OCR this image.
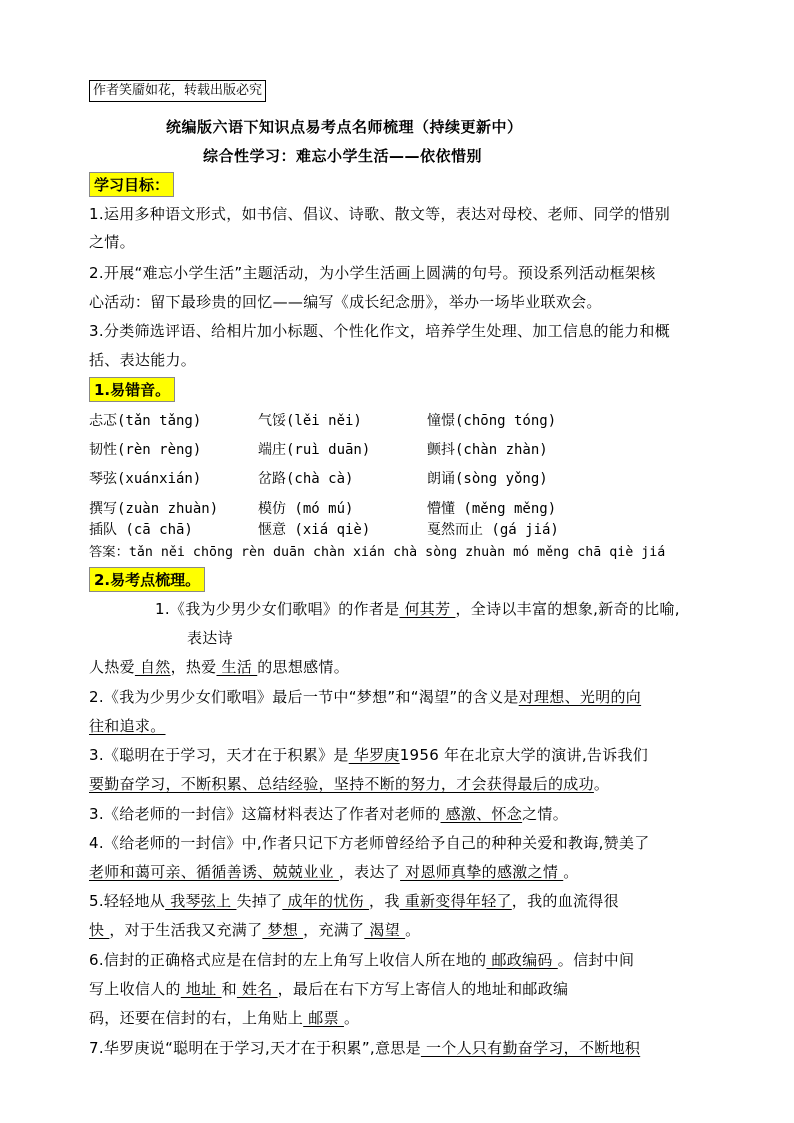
作者笑靥如花，转载出版必究
统编版六语下知识点易考点名师梳理（持续更新中）
综合性学习：难忘小学生活——依依惜别
学习目标：
1.运用多种语文形式，如书信、倡议、诗歌、散文等，表达对母校、老师、同学的惜别
之情。
2.开展“难忘小学生活”主题活动，为小学生活画上圆满的句号。预设系列活动框架核
心活动：留下最珍贵的回忆——编写《成长纪念册》，举办一场毕业联欢会。
3.分类筛选评语、给相片加小标题、个性化作文，培养学生处理、加工信息的能力和概
括、表达能力。
1.易错音。
忐忑(tǎn tǎng)	气馁(lěi něi)	憧憬(chōng tóng)
韧性(rèn rèng)	端庄(ruì duān)	颤抖(chàn zhàn)
琴弦(xuánxián)	岔路(chà cà)	朗诵(sòng yǒng)
撰写(zuàn zhuàn)	模仿 (mó mú)	懵懂 (měng měng)
插队 (cā chā)	惬意 (xiá qiè)	戛然而止 (gá jiá)
答案：tǎn něi chōng rèn duān chàn xián chà sòng zhuàn mó měng chā qiè jiá
2.易考点梳理。
1.《我为少男少女们歌唱》的作者是 何其芳 ，全诗以丰富的想象,新奇的比喻,
表达诗
人热爱 自然，热爱 生活 的思想感情。
2.《我为少男少女们歌唱》最后一节中“梦想”和“渴望”的含义是对理想、光明的向
往和追求。
3.《聪明在于学习，天才在于积累》是 华罗庚1956 年在北京大学的演讲,告诉我们
要勤奋学习，不断积累、总结经验，坚持不断的努力，才会获得最后的成功。
3.《给老师的一封信》这篇材料表达了作者对老师的 感激、怀念之情。
4.《给老师的一封信》中,作者只记下方老师曾经给予自己的种种关爱和教诲,赞美了
老师和蔼可亲、循循善诱、兢兢业业 ，表达了 对恩师真挚的感激之情 。
5.轻轻地从 我琴弦上 失掉了 成年的忧伤 ，我 重新变得年轻了，我的血流得很
快 ，对于生活我又充满了 梦想 ，充满了 渴望 。
6.信封的正确格式应是在信封的左上角写上收信人所在地的 邮政编码 。信封中间
写上收信人的 地址 和 姓名 ，最后在右下方写上寄信人的地址和邮政编
码，还要在信封的右，上角贴上 邮票 。
7.华罗庚说“聪明在于学习,天才在于积累”,意思是 一个人只有勤奋学习，不断地积
